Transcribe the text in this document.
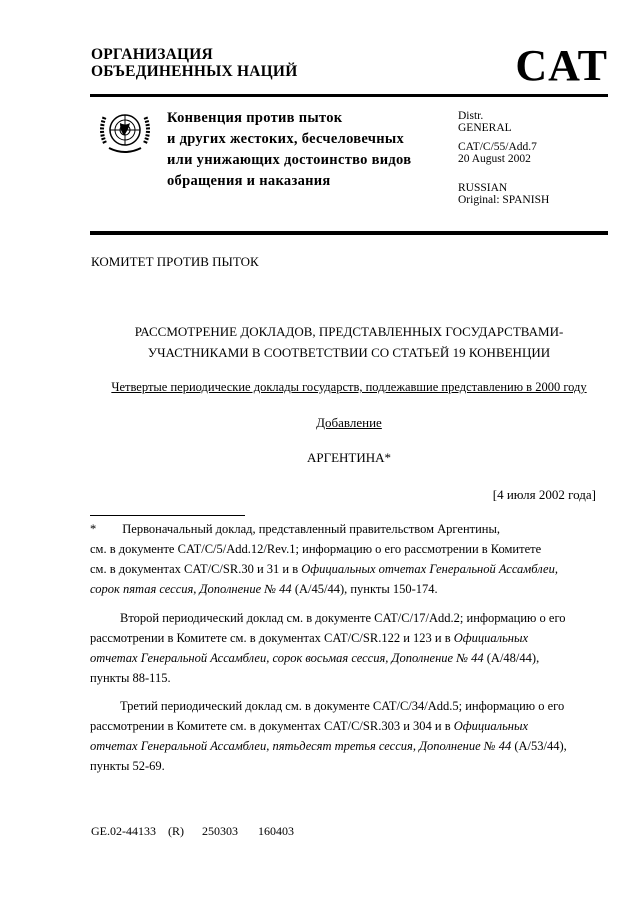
ОРГАНИЗАЦИЯ
ОБЪЕДИНЕННЫХ НАЦИЙ	CAT
Конвенция против пыток
и других жестоких, бесчеловечных
или унижающих достоинство видов
обращения и наказания
Distr.
GENERAL
CAT/C/55/Add.7
20 August 2002
RUSSIAN
Original: SPANISH
КОМИТЕТ ПРОТИВ ПЫТОК
РАССМОТРЕНИЕ ДОКЛАДОВ, ПРЕДСТАВЛЕННЫХ ГОСУДАРСТВАМИ-
УЧАСТНИКАМИ В СООТВЕТСТВИИ СО СТАТЬЕЙ 19 КОНВЕНЦИИ
Четвертые периодические доклады государств, подлежавшие представлению в 2000 году
Добавление
АРГЕНТИНА*
[4 июля 2002 года]
* Первоначальный доклад, представленный правительством Аргентины,
см. в документе CAT/C/5/Add.12/Rev.1; информацию о его рассмотрении в Комитете
см. в документах CAT/C/SR.30 и 31 и в Официальных отчетах Генеральной Ассамблеи,
сорок пятая сессия, Дополнение № 44 (A/45/44), пункты 150-174.
Второй периодический доклад см. в документе CAT/C/17/Add.2; информацию о его
рассмотрении в Комитете см. в документах CAT/C/SR.122 и 123 и в Официальных
отчетах Генеральной Ассамблеи, сорок восьмая сессия, Дополнение № 44 (A/48/44),
пункты 88-115.
Третий периодический доклад см. в документе CAT/C/34/Add.5; информацию о его
рассмотрении в Комитете см. в документах CAT/C/SR.303 и 304 и в Официальных
отчетах Генеральной Ассамблеи, пятьдесят третья сессия, Дополнение № 44 (A/53/44),
пункты 52-69.
GE.02-44133 (R) 250303 160403
